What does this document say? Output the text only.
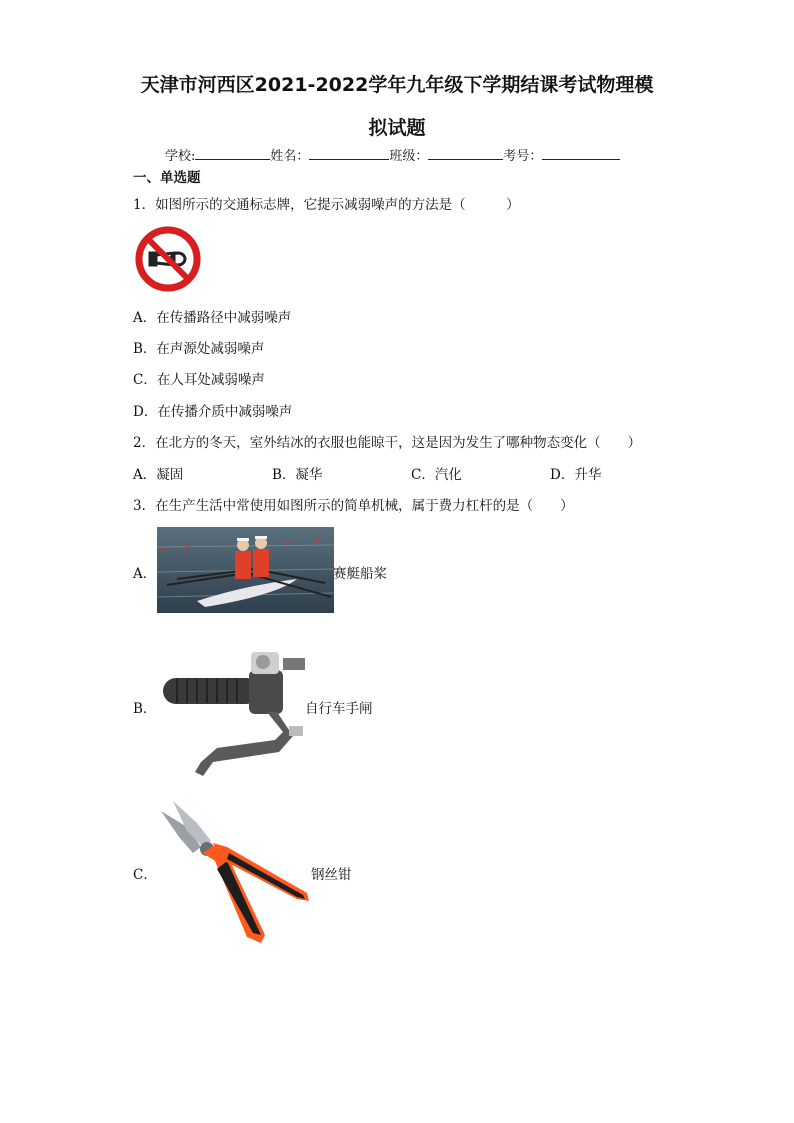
天津市河西区2021-2022学年九年级下学期结课考试物理模
拟试题
学校:	姓名：	班级：	考号：
一、单选题
1．如图所示的交通标志牌，它提示减弱噪声的方法是（　　　）
A．在传播路径中减弱噪声
B．在声源处减弱噪声
C．在人耳处减弱噪声
D．在传播介质中减弱噪声
2．在北方的冬天，室外结冰的衣服也能晾干，这是因为发生了哪种物态变化（　　）
A．凝固	B．凝华	C．汽化	D．升华
3．在生产生活中常使用如图所示的简单机械，属于费力杠杆的是（　　）
A．	赛艇船桨
B．	自行车手闸
C．	钢丝钳
